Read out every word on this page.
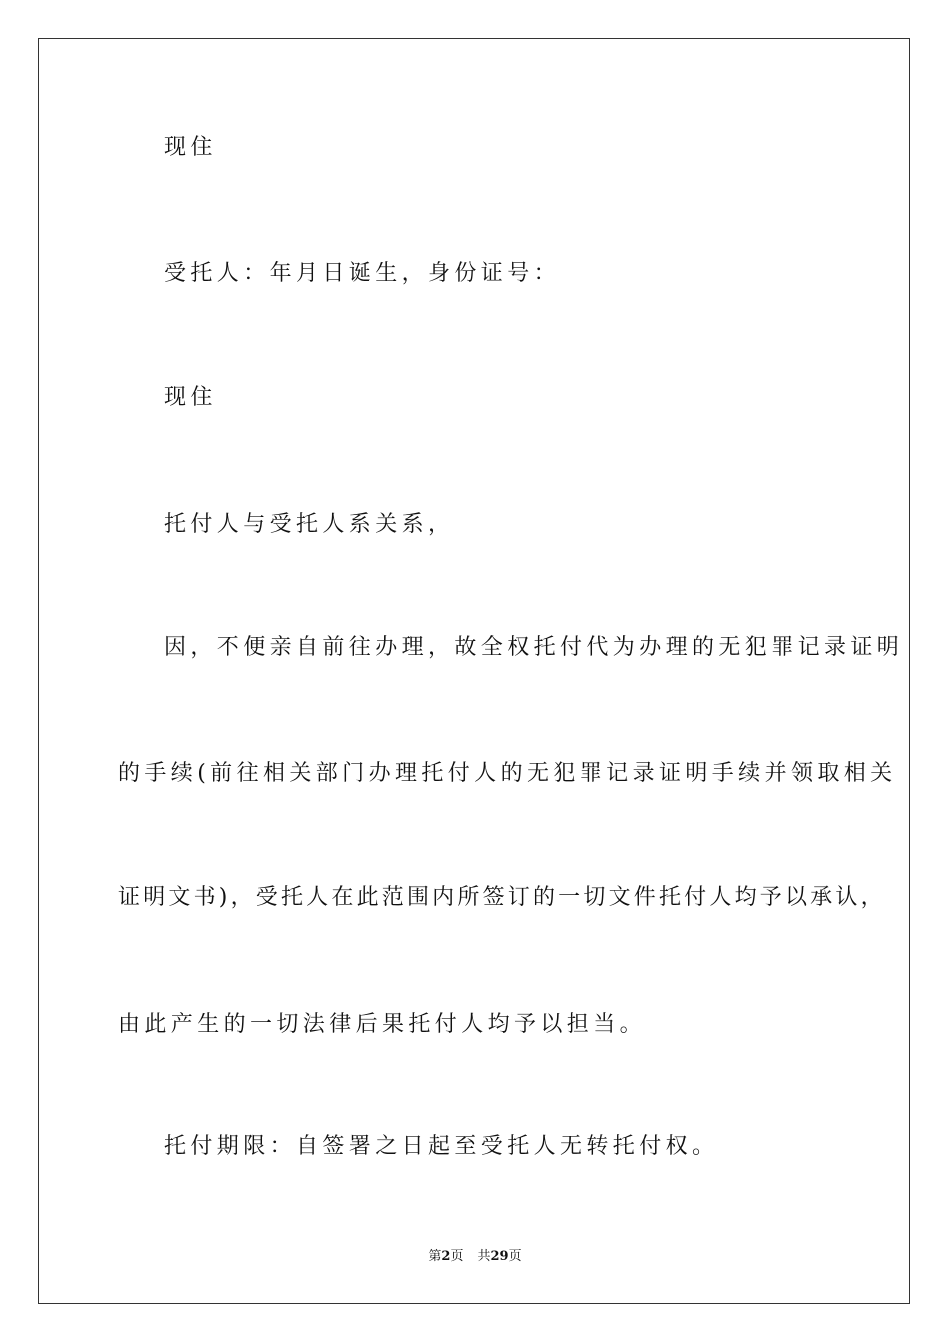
现住
受托人：年月日诞生，身份证号：
现住
托付人与受托人系关系，
因，不便亲自前往办理，故全权托付代为办理的无犯罪记录证明
的手续(前往相关部门办理托付人的无犯罪记录证明手续并领取相关
证明文书)，受托人在此范围内所签订的一切文件托付人均予以承认，
由此产生的一切法律后果托付人均予以担当。
托付期限：自签署之日起至受托人无转托付权。
第2页 共29页
